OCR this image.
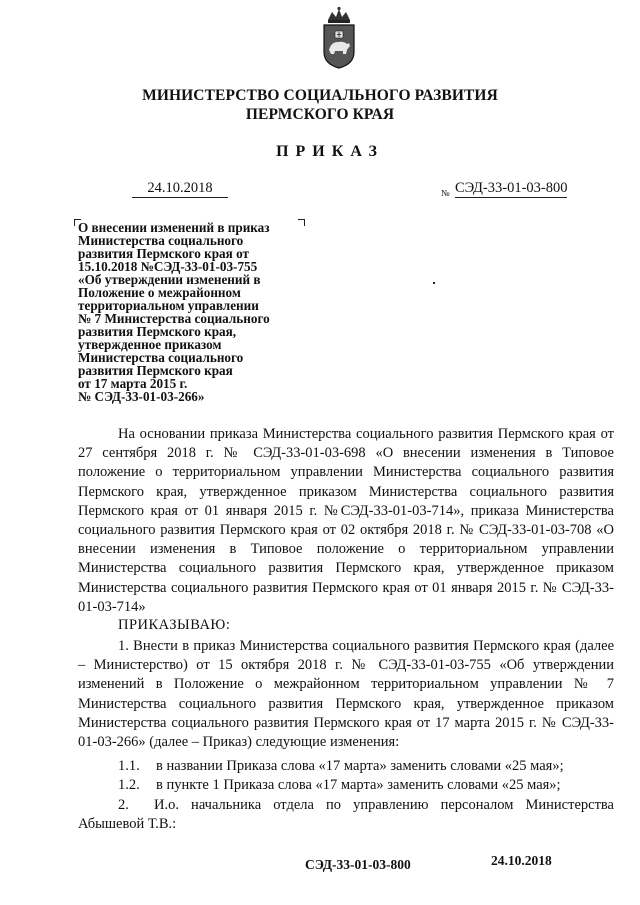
МИНИСТЕРСТВО СОЦИАЛЬНОГО РАЗВИТИЯ
ПЕРМСКОГО КРАЯ
ПРИКАЗ
24.10.2018	№ СЭД-33-01-03-800
О внесении изменений в приказ
Министерства социального
развития Пермского края от
15.10.2018 №СЭД-33-01-03-755
«Об утверждении изменений в
Положение о межрайонном
территориальном управлении
№ 7 Министерства социального
развития Пермского края,
утвержденное приказом
Министерства социального
развития Пермского края
от 17 марта 2015 г.
№ СЭД-33-01-03-266»

На основании приказа Министерства социального развития Пермского края от 27 сентября 2018 г. № СЭД-33-01-03-698 «О внесении изменения в Типовое положение о территориальном управлении Министерства социального развития Пермского края, утвержденное приказом Министерства социального развития Пермского края от 01 января 2015 г. №СЭД-33-01-03-714», приказа Министерства социального развития Пермского края от 02 октября 2018 г. № СЭД-33-01-03-708 «О внесении изменения в Типовое положение о территориальном управлении Министерства социального развития Пермского края, утвержденное приказом Министерства социального развития Пермского края от 01 января 2015 г. № СЭД-33-01-03-714»

ПРИКАЗЫВАЮ:

1. Внести в приказ Министерства социального развития Пермского края (далее – Министерство) от 15 октября 2018 г. № СЭД-33-01-03-755 «Об утверждении изменений в Положение о межрайонном территориальном управлении № 7 Министерства социального развития Пермского края, утвержденное приказом Министерства социального развития Пермского края от 17 марта 2015 г. № СЭД-33-01-03-266» (далее – Приказ) следующие изменения:

1.1. в названии Приказа слова «17 марта» заменить словами «25 мая»;
1.2. в пункте 1 Приказа слова «17 марта» заменить словами «25 мая»;
2.	И.о. начальника отдела по управлению персоналом Министерства Абышевой Т.В.:

СЭД-33-01-03-800	24.10.2018
